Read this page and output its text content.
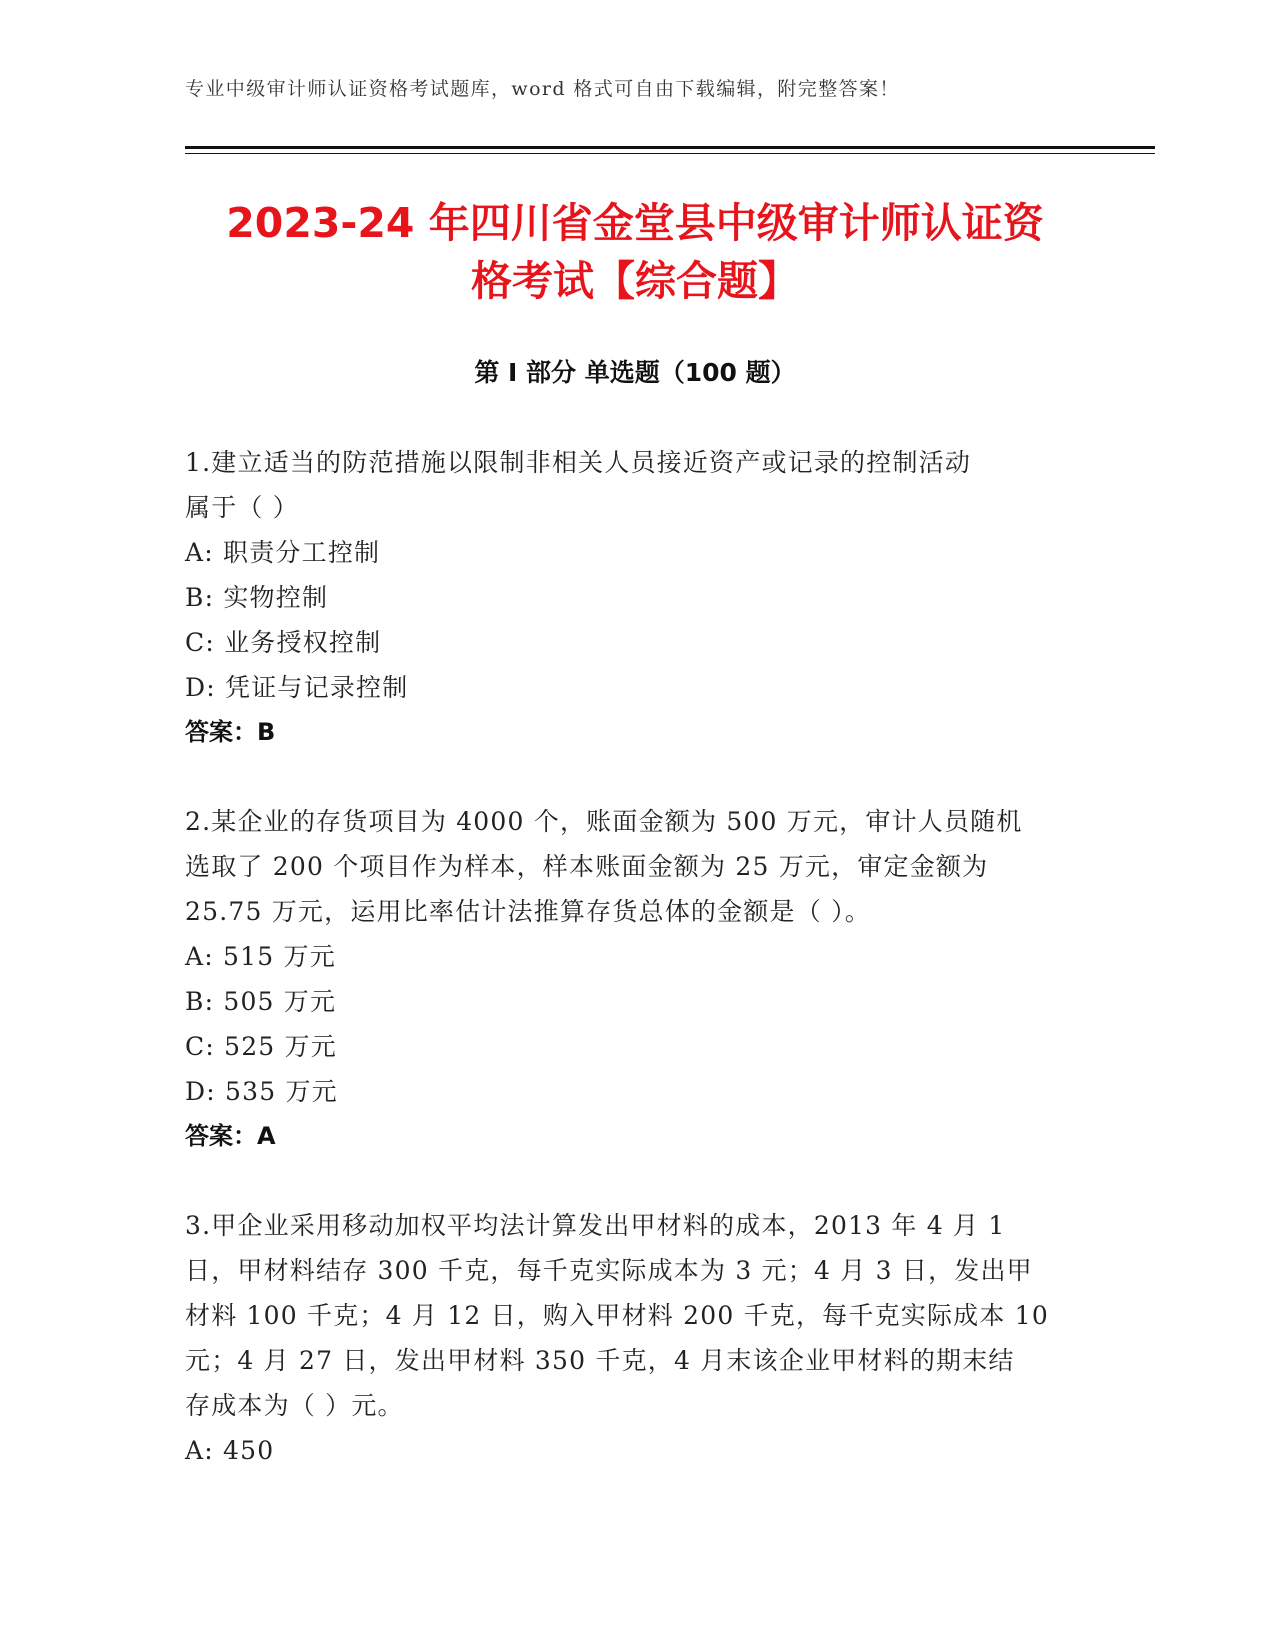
专业中级审计师认证资格考试题库，word 格式可自由下载编辑，附完整答案！
2023-24 年四川省金堂县中级审计师认证资
格考试【综合题】
第 I 部分 单选题（100 题）
1.建立适当的防范措施以限制非相关人员接近资产或记录的控制活动
属于（ ）
A: 职责分工控制
B: 实物控制
C: 业务授权控制
D: 凭证与记录控制
答案：B
2.某企业的存货项目为 4000 个，账面金额为 500 万元，审计人员随机
选取了 200 个项目作为样本，样本账面金额为 25 万元，审定金额为
25.75 万元，运用比率估计法推算存货总体的金额是（ ）。
A: 515 万元
B: 505 万元
C: 525 万元
D: 535 万元
答案：A
3.甲企业采用移动加权平均法计算发出甲材料的成本，2013 年 4 月 1
日，甲材料结存 300 千克，每千克实际成本为 3 元；4 月 3 日，发出甲
材料 100 千克；4 月 12 日，购入甲材料 200 千克，每千克实际成本 10
元；4 月 27 日，发出甲材料 350 千克，4 月末该企业甲材料的期末结
存成本为（ ）元。
A: 450
